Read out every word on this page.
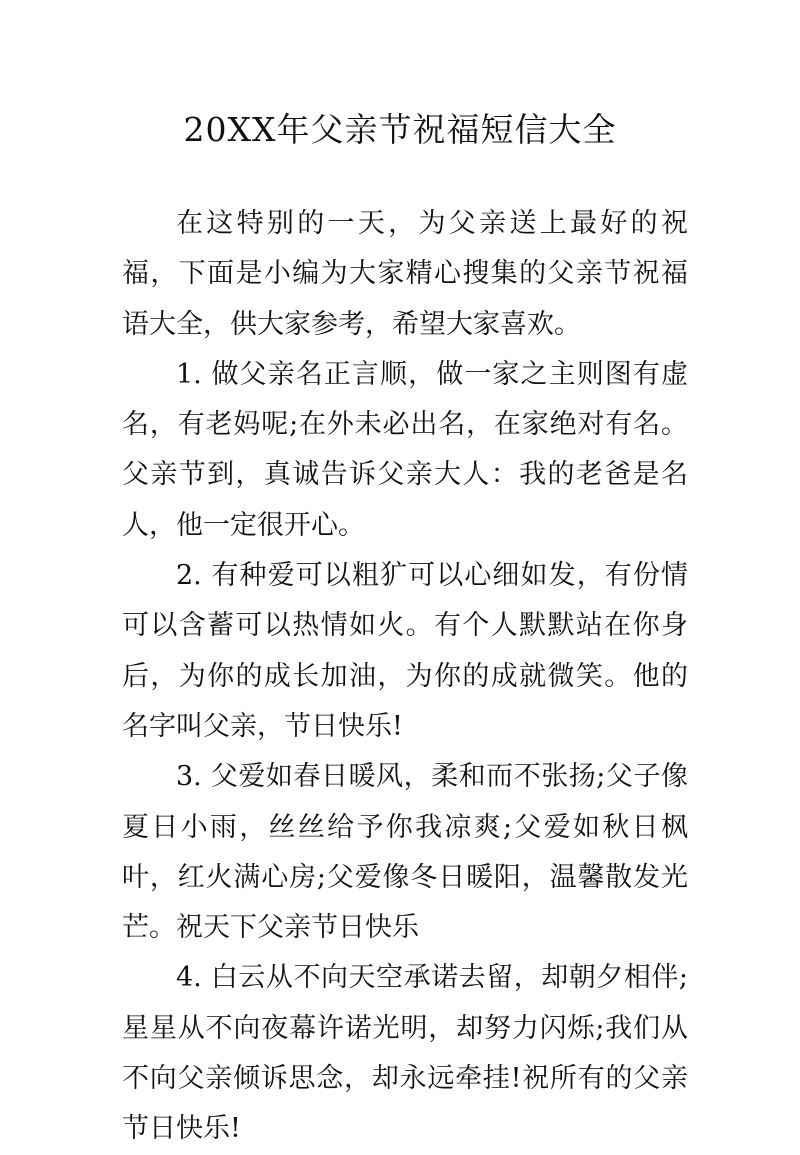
20XX年父亲节祝福短信大全

在这特别的一天，为父亲送上最好的祝福，下面是小编为大家精心搜集的父亲节祝福语大全，供大家参考，希望大家喜欢。

1. 做父亲名正言顺，做一家之主则图有虚名，有老妈呢;在外未必出名，在家绝对有名。父亲节到，真诚告诉父亲大人：我的老爸是名人，他一定很开心。

2. 有种爱可以粗犷可以心细如发，有份情可以含蓄可以热情如火。有个人默默站在你身后，为你的成长加油，为你的成就微笑。他的名字叫父亲，节日快乐!

3. 父爱如春日暖风，柔和而不张扬;父子像夏日小雨，丝丝给予你我凉爽;父爱如秋日枫叶，红火满心房;父爱像冬日暖阳，温馨散发光芒。祝天下父亲节日快乐

4. 白云从不向天空承诺去留，却朝夕相伴;星星从不向夜幕许诺光明，却努力闪烁;我们从不向父亲倾诉思念，却永远牵挂!祝所有的父亲节日快乐!
